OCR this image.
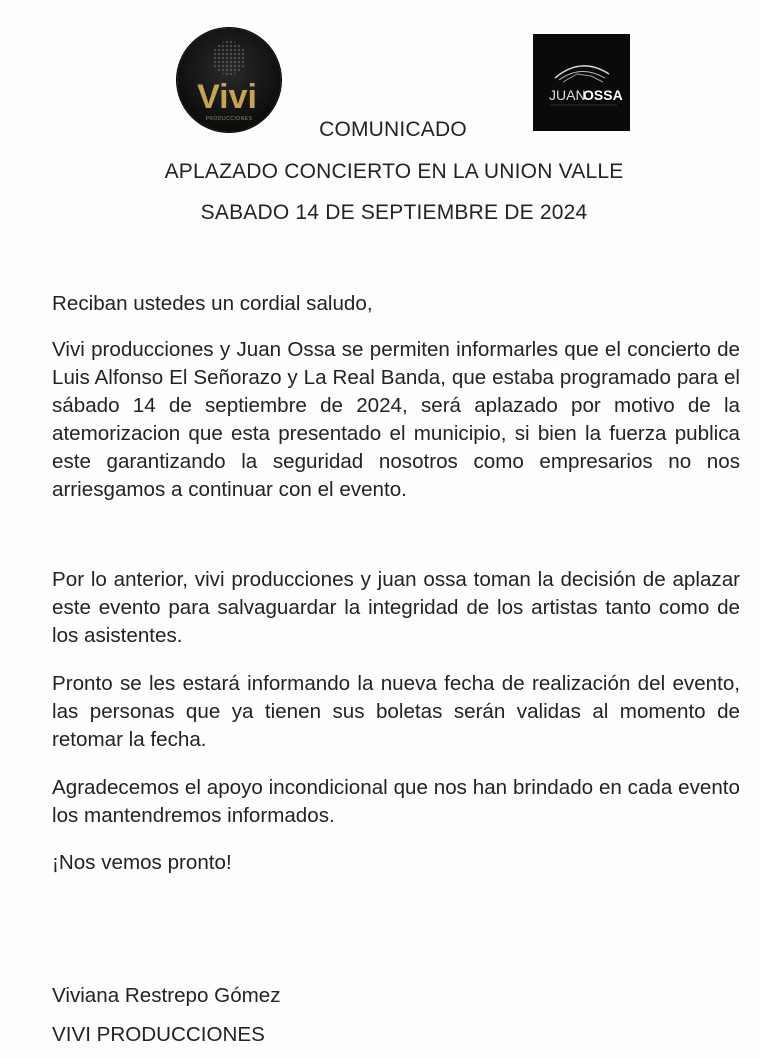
Vivi
PRODUCCIONES
JUAN
OSSA
COMUNICADO
APLAZADO CONCIERTO EN LA UNION VALLE
SABADO 14 DE SEPTIEMBRE DE 2024
Reciban ustedes un cordial saludo,
Vivi producciones y Juan Ossa se permiten informarles que el concierto de Luis Alfonso El Señorazo y La Real Banda, que estaba programado para el sábado 14 de septiembre de 2024, será aplazado por motivo de la atemorizacion que esta presentado el municipio, si bien la fuerza publica este garantizando la seguridad nosotros como empresarios no nos arriesgamos a continuar con el evento.
Por lo anterior, vivi producciones y juan ossa toman la decisión de aplazar este evento para salvaguardar la integridad de los artistas tanto como de los asistentes.
Pronto se les estará informando la nueva fecha de realización del evento, las personas que ya tienen sus boletas serán validas al momento de retomar la fecha.
Agradecemos el apoyo incondicional que nos han brindado en cada evento los mantendremos informados.
¡Nos vemos pronto!
Viviana Restrepo Gómez
VIVI PRODUCCIONES
